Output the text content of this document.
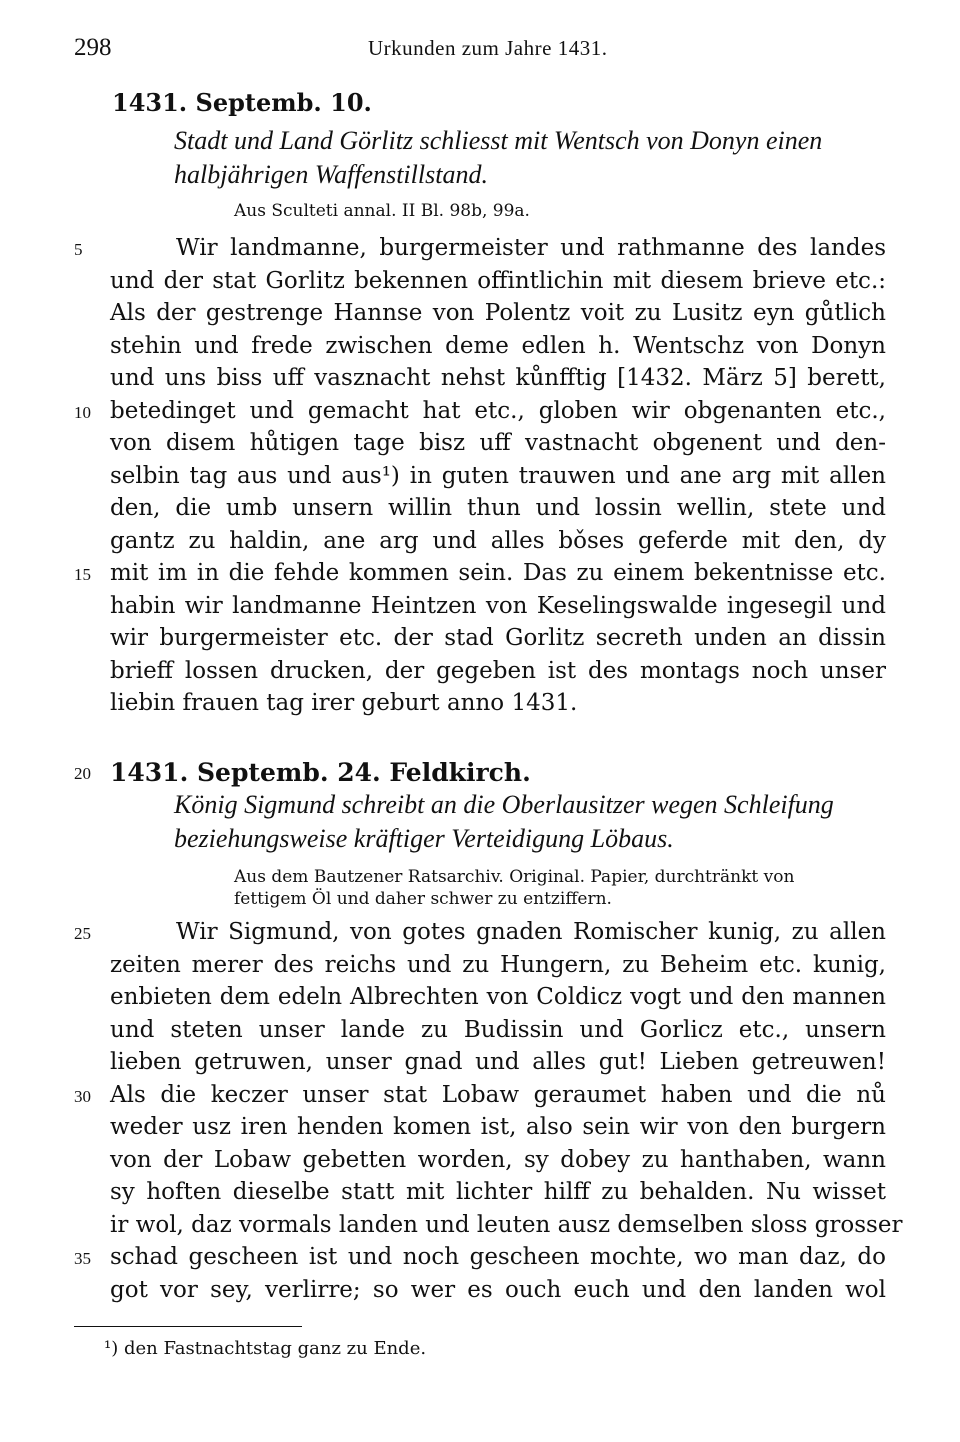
298	Urkunden zum Jahre 1431.
1431. Septemb. 10.
Stadt und Land Görlitz schliesst mit Wentsch von Donyn einen
halbjährigen Waffenstillstand.
Aus Sculteti annal. II Bl. 98b, 99a.
Wir landmanne, burgermeister und rathmanne des landes
und der stat Gorlitz bekennen offintlichin mit diesem brieve etc.:
Als der gestrenge Hannse von Polentz voit zu Lusitz eyn gůtlich
stehin und frede zwischen deme edlen h. Wentschz von Donyn
und uns biss uff vasznacht nehst kůnfftig [1432. März 5] berett,
betedinget und gemacht hat etc., globen wir obgenanten etc.,
von disem hůtigen tage bisz uff vastnacht obgenent und den-
selbin tag aus und aus¹) in guten trauwen und ane arg mit allen
den, die umb unsern willin thun und lossin wellin, stete und
gantz zu haldin, ane arg und alles bǒses geferde mit den, dy
mit im in die fehde kommen sein. Das zu einem bekentnisse etc.
habin wir landmanne Heintzen von Keselingswalde ingesegil und
wir burgermeister etc. der stad Gorlitz secreth unden an dissin
brieff lossen drucken, der gegeben ist des montags noch unser
liebin frauen tag irer geburt anno 1431.
1431. Septemb. 24. Feldkirch.
König Sigmund schreibt an die Oberlausitzer wegen Schleifung
beziehungsweise kräftiger Verteidigung Löbaus.
Aus dem Bautzener Ratsarchiv. Original. Papier, durchtränkt von
fettigem Öl und daher schwer zu entziffern.
Wir Sigmund, von gotes gnaden Romischer kunig, zu allen
zeiten merer des reichs und zu Hungern, zu Beheim etc. kunig,
enbieten dem edeln Albrechten von Coldicz vogt und den mannen
und steten unser lande zu Budissin und Gorlicz etc., unsern
lieben getruwen, unser gnad und alles gut! Lieben getreuwen!
Als die keczer unser stat Lobaw geraumet haben und die nů
weder usz iren henden komen ist, also sein wir von den burgern
von der Lobaw gebetten worden, sy dobey zu hanthaben, wann
sy hoften dieselbe statt mit lichter hilff zu behalden. Nu wisset
ir wol, daz vormals landen und leuten ausz demselben sloss grosser
schad gescheen ist und noch gescheen mochte, wo man daz, do
got vor sey, verlirre; so wer es ouch euch und den landen wol
5
10
15
20
25
30
35
¹) den Fastnachtstag ganz zu Ende.
